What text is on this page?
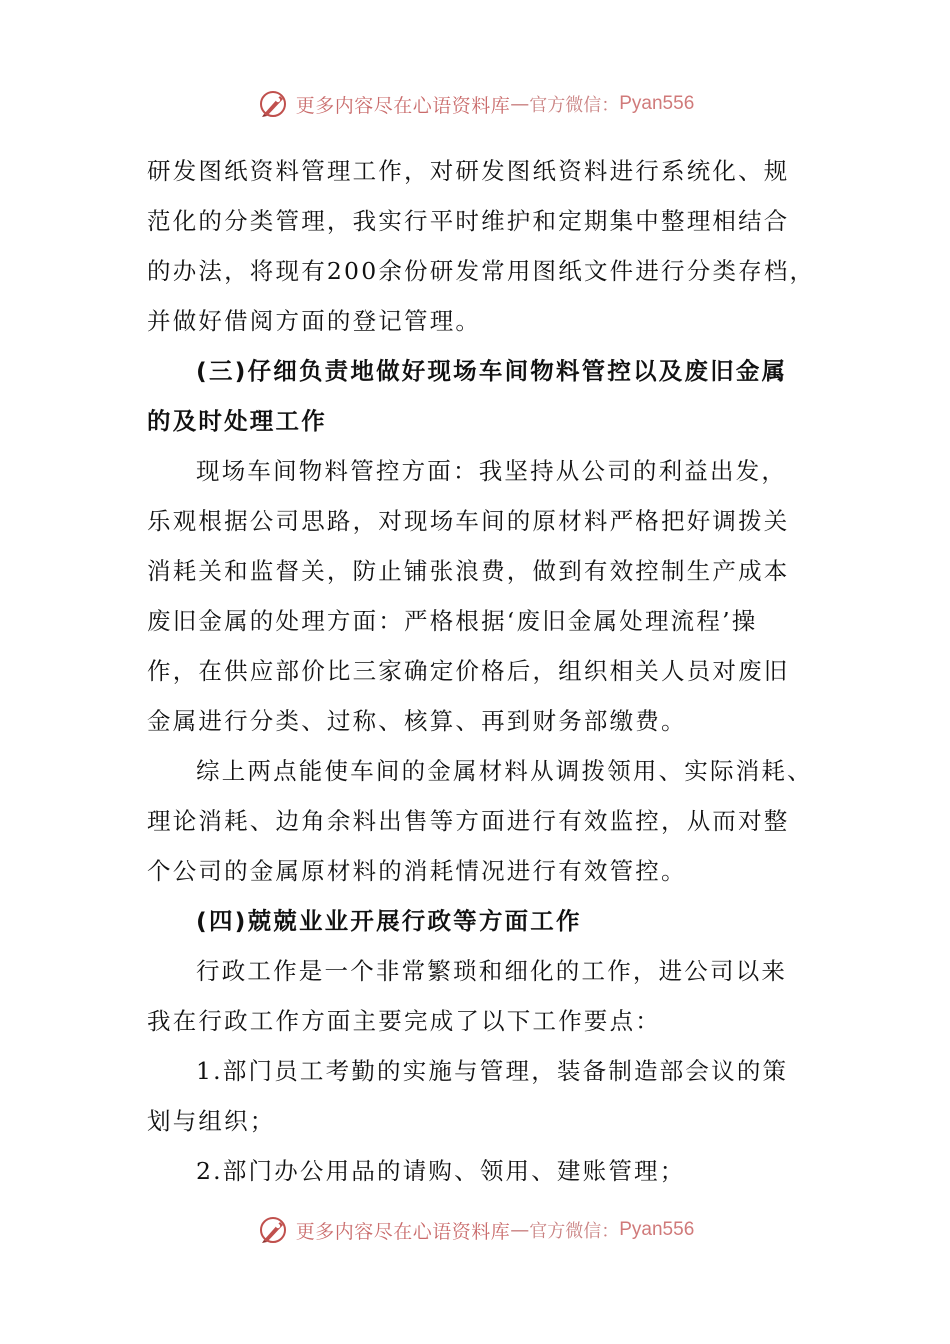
更多内容尽在心语资料库 — 官方微信： Pyan556

研发图纸资料管理工作，对研发图纸资料进行系统化、规

范化的分类管理，我实行平时维护和定期集中整理相结合

的办法，将现有200余份研发常用图纸文件进行分类存档，

并做好借阅方面的登记管理。

(三)仔细负责地做好现场车间物料管控以及废旧金属

的及时处理工作

现场车间物料管控方面：我坚持从公司的利益出发，

乐观根据公司思路，对现场车间的原材料严格把好调拨关

消耗关和监督关，防止铺张浪费，做到有效控制生产成本

废旧金属的处理方面：严格根据‘废旧金属处理流程’操

作，在供应部价比三家确定价格后，组织相关人员对废旧

金属进行分类、过称、核算、再到财务部缴费。

综上两点能使车间的金属材料从调拨领用、实际消耗、

理论消耗、边角余料出售等方面进行有效监控，从而对整

个公司的金属原材料的消耗情况进行有效管控。

(四)兢兢业业开展行政等方面工作

行政工作是一个非常繁琐和细化的工作，进公司以来

我在行政工作方面主要完成了以下工作要点：

1.部门员工考勤的实施与管理，装备制造部会议的策

划与组织；

2.部门办公用品的请购、领用、建账管理；

更多内容尽在心语资料库 — 官方微信： Pyan556
